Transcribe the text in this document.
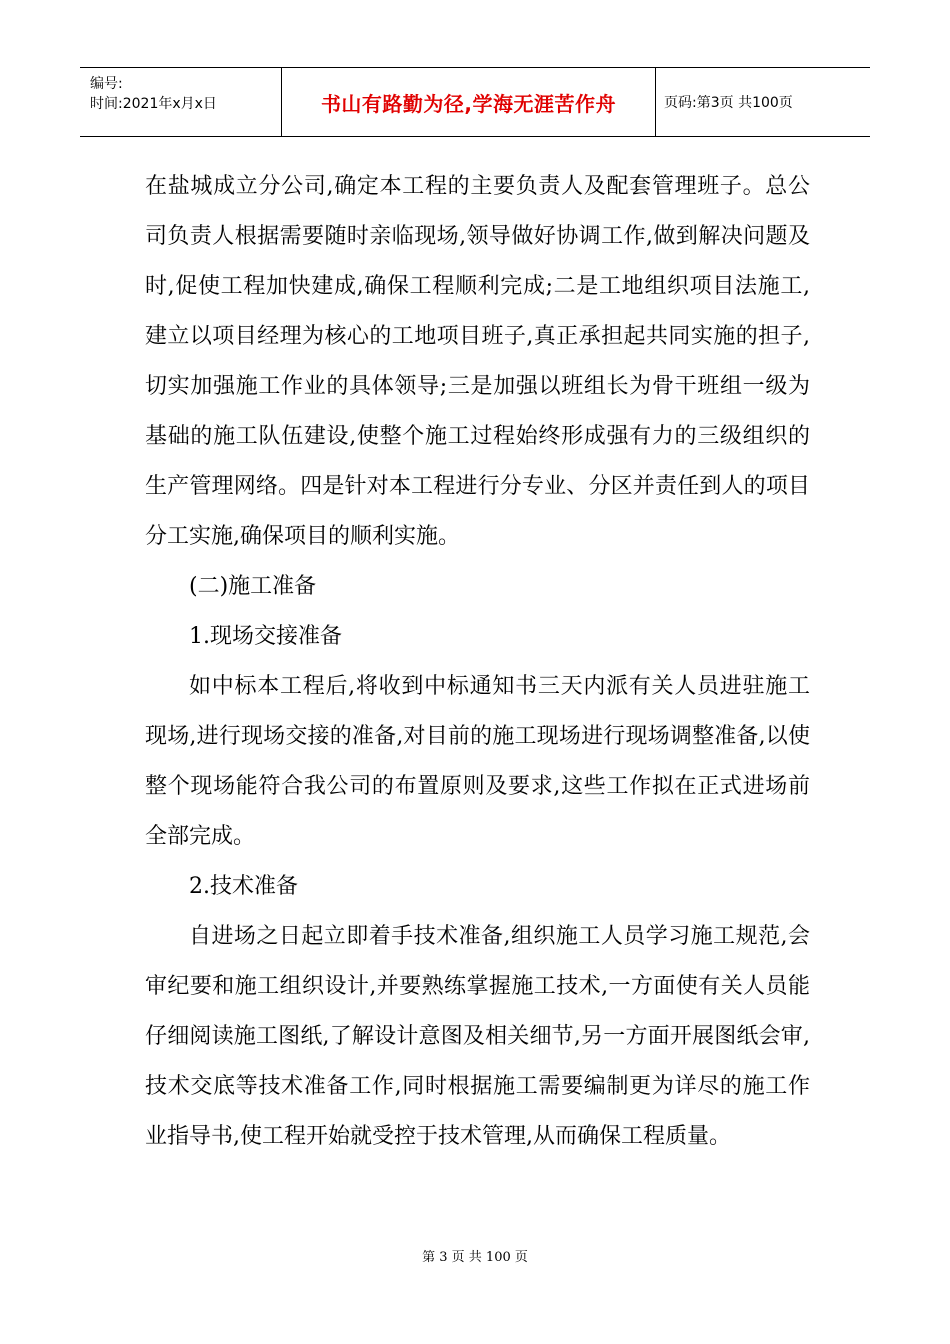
编号:
时间:2021年x月x日	书山有路勤为径,学海无涯苦作舟	页码:第3页 共100页

在盐城成立分公司,确定本工程的主要负责人及配套管理班子。总公司负责人根据需要随时亲临现场,领导做好协调工作,做到解决问题及时,促使工程加快建成,确保工程顺利完成;二是工地组织项目法施工,建立以项目经理为核心的工地项目班子,真正承担起共同实施的担子,切实加强施工作业的具体领导;三是加强以班组长为骨干班组一级为基础的施工队伍建设,使整个施工过程始终形成强有力的三级组织的生产管理网络。四是针对本工程进行分专业、分区并责任到人的项目分工实施,确保项目的顺利实施。

(二)施工准备

1.现场交接准备

如中标本工程后,将收到中标通知书三天内派有关人员进驻施工现场,进行现场交接的准备,对目前的施工现场进行现场调整准备,以使整个现场能符合我公司的布置原则及要求,这些工作拟在正式进场前全部完成。

2.技术准备

自进场之日起立即着手技术准备,组织施工人员学习施工规范,会审纪要和施工组织设计,并要熟练掌握施工技术,一方面使有关人员能仔细阅读施工图纸,了解设计意图及相关细节,另一方面开展图纸会审,技术交底等技术准备工作,同时根据施工需要编制更为详尽的施工作业指导书,使工程开始就受控于技术管理,从而确保工程质量。

第 3 页 共 100 页
